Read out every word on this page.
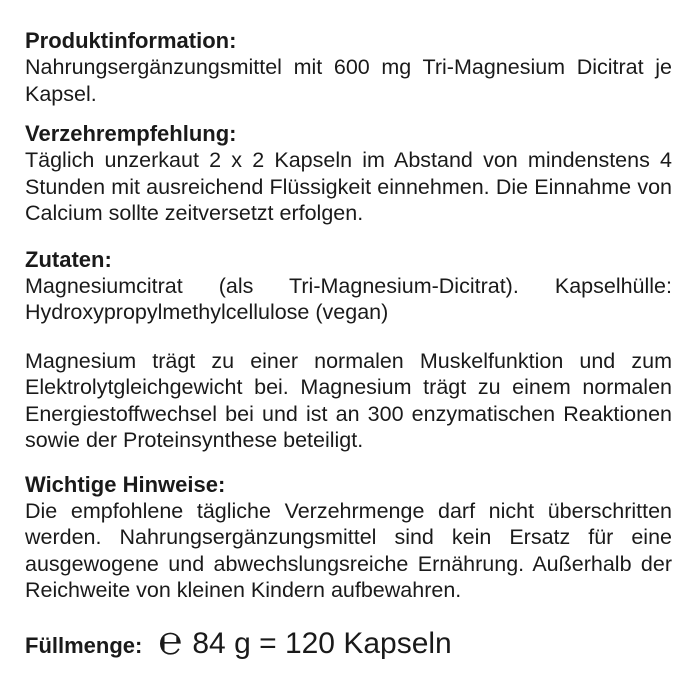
Produktinformation:

Nahrungsergänzungsmittel mit 600 mg Tri-Magnesium Dicitrat je Kapsel.

Verzehrempfehlung:

Täglich unzerkaut 2 x 2 Kapseln im Abstand von mindenstens 4 Stunden mit ausreichend Flüssigkeit einnehmen. Die Einnahme von Calcium sollte zeitversetzt erfolgen.

Zutaten:

Magnesiumcitrat (als Tri-Magnesium-Dicitrat). Kapselhülle: Hydroxypropylmethylcellulose (vegan)

Magnesium trägt zu einer normalen Muskelfunktion und zum Elektrolytgleichgewicht bei. Magnesium trägt zu einem normalen Energiestoffwechsel bei und ist an 300 enzymatischen Reaktionen sowie der Proteinsynthese beteiligt.

Wichtige Hinweise:

Die empfohlene tägliche Verzehrmenge darf nicht überschritten werden. Nahrungsergänzungsmittel sind kein Ersatz für eine ausgewogene und abwechslungsreiche Ernährung. Außerhalb der Reichweite von kleinen Kindern aufbewahren.

Füllmenge: ℮ 84 g = 120 Kapseln
